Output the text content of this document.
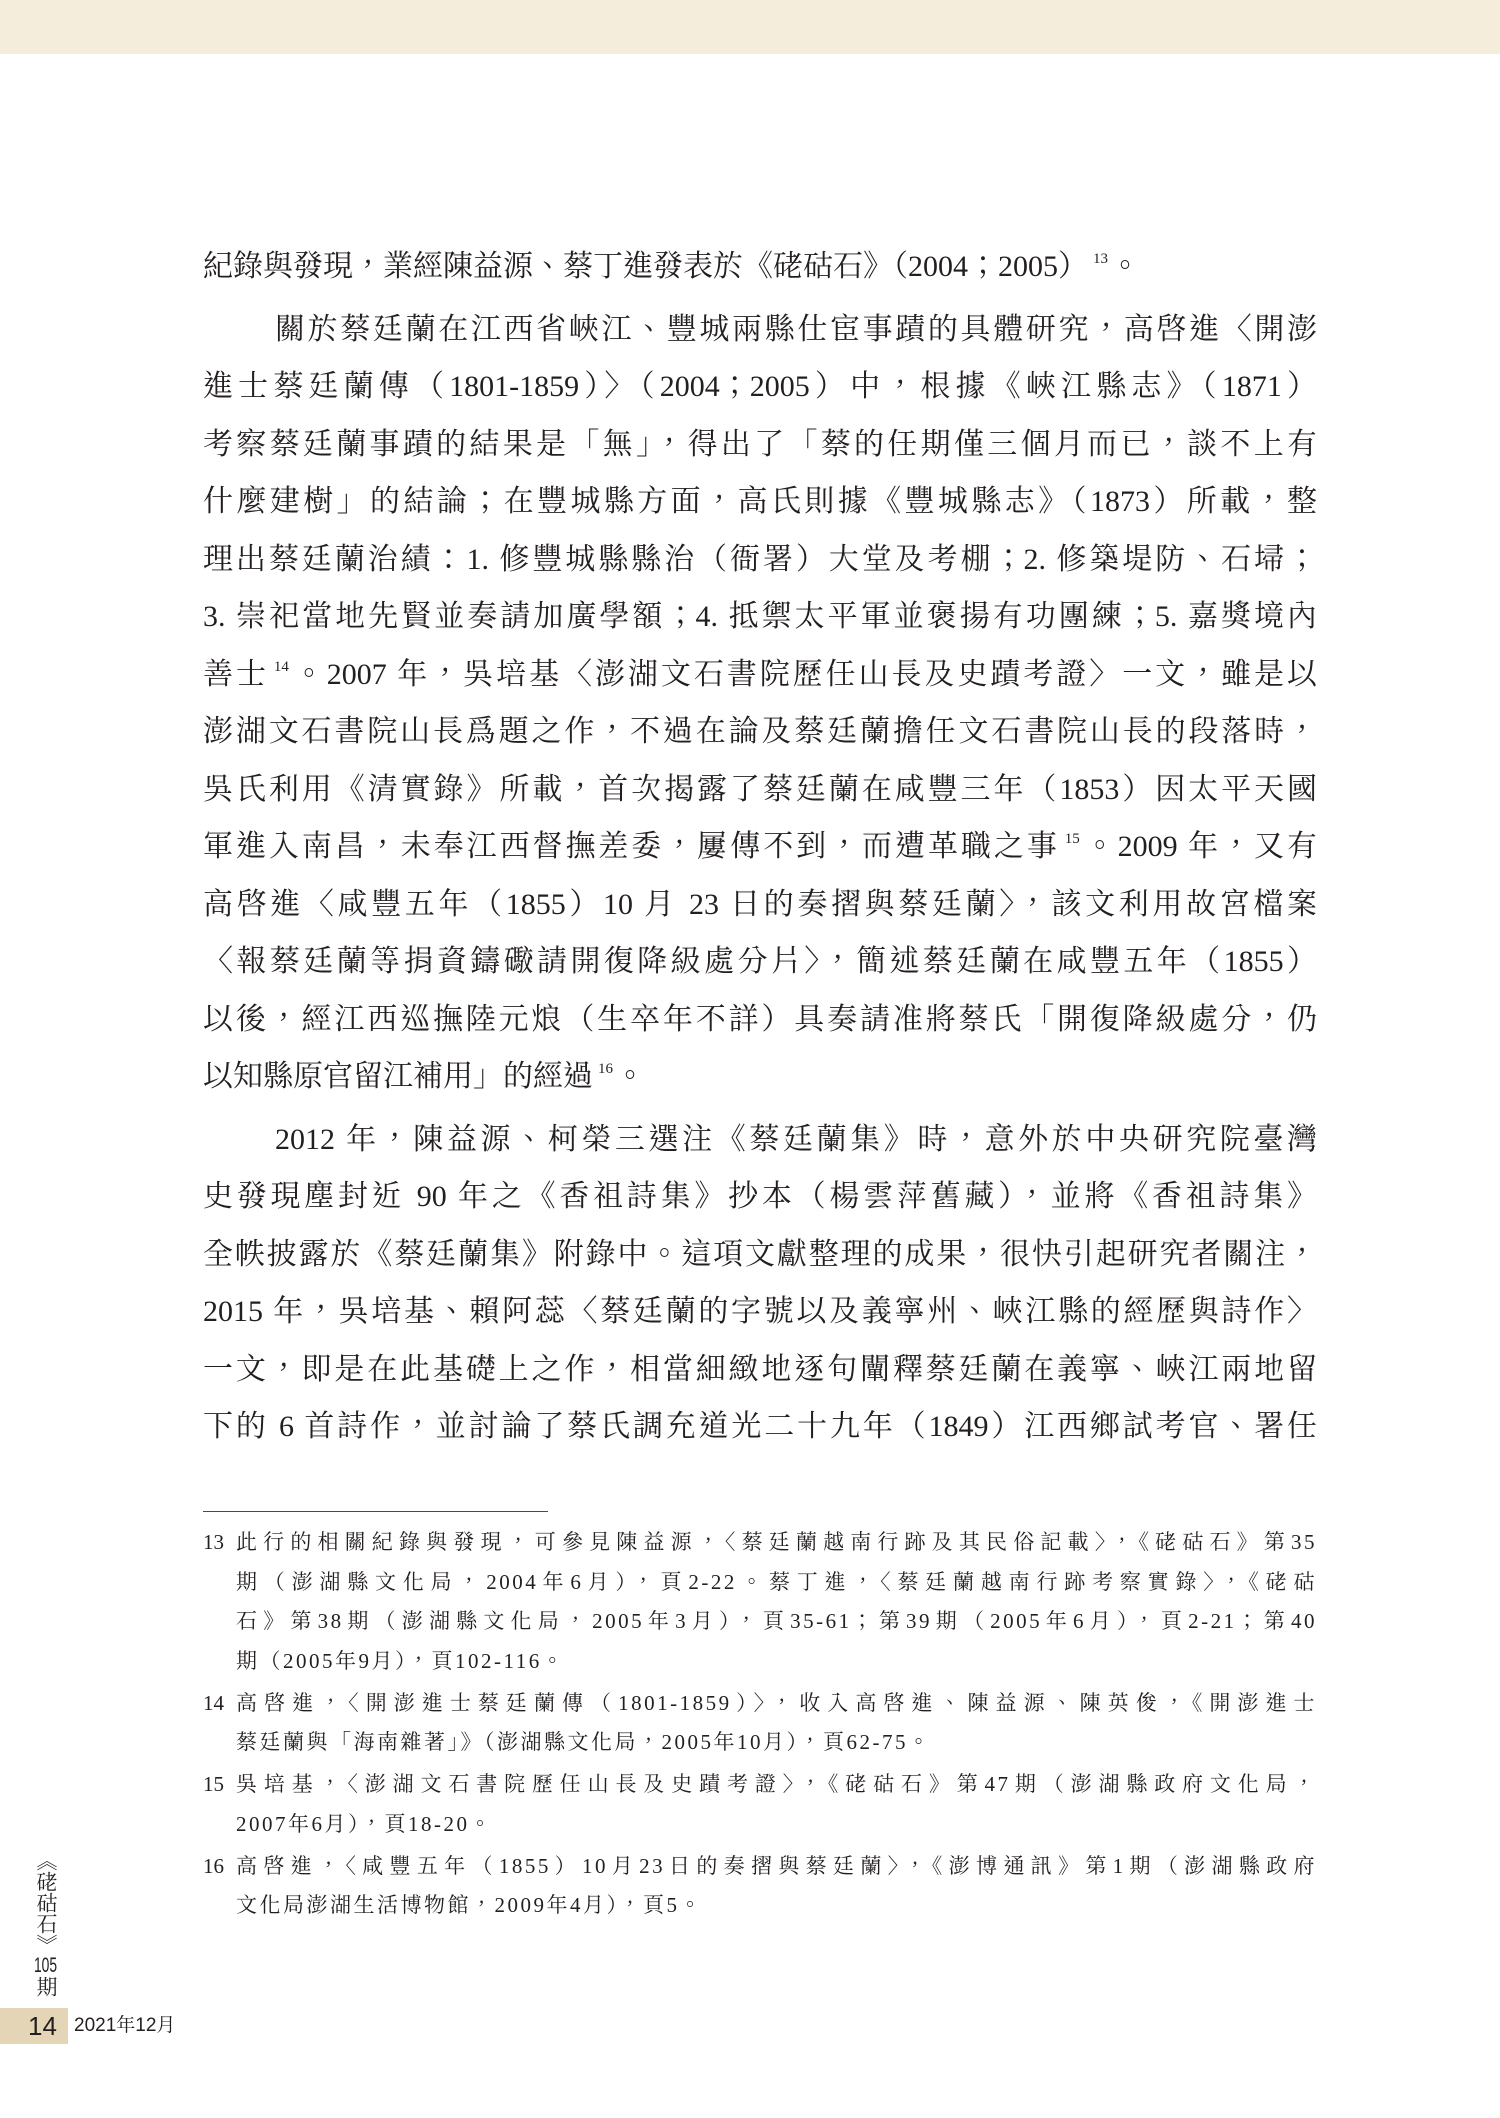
紀錄與發現，業經陳益源、蔡丁進發表於《硓𥑮石》（2004；2005） $^{13}$。

關於蔡廷蘭在江西省峽江、豐城兩縣仕宦事蹟的具體研究，高啓進〈開澎
進士蔡廷蘭傳（1801-1859）〉（2004；2005）中，根據《峽江縣志》（1871）
考察蔡廷蘭事蹟的結果是「無」，得出了「蔡的任期僅三個月而已，談不上有
什麼建樹」的結論；在豐城縣方面，高氏則據《豐城縣志》（1873）所載，整
理出蔡廷蘭治績：1. 修豐城縣縣治（衙署）大堂及考棚；2. 修築堤防、石埽；
3. 崇祀當地先賢並奏請加廣學額；4. 抵禦太平軍並褒揚有功團練；5. 嘉獎境內
善士 $^{14}$。2007 年，吳培基〈澎湖文石書院歷任山長及史蹟考證〉一文，雖是以
澎湖文石書院山長爲題之作，不過在論及蔡廷蘭擔任文石書院山長的段落時，
吳氏利用《清實錄》所載，首次揭露了蔡廷蘭在咸豐三年（1853）因太平天國
軍進入南昌，未奉江西督撫差委，屢傳不到，而遭革職之事 $^{15}$。2009 年，又有
高啓進〈咸豐五年（1855）10 月 23 日的奏摺與蔡廷蘭〉，該文利用故宮檔案
〈報蔡廷蘭等捐資鑄礮請開復降級處分片〉，簡述蔡廷蘭在咸豐五年（1855）
以後，經江西巡撫陸元烺（生卒年不詳）具奏請准將蔡氏「開復降級處分，仍
以知縣原官留江補用」的經過 $^{16}$。

2012 年，陳益源、柯榮三選注《蔡廷蘭集》時，意外於中央研究院臺灣
史發現塵封近 90 年之《香祖詩集》抄本（楊雲萍舊藏），並將《香祖詩集》
全帙披露於《蔡廷蘭集》附錄中。這項文獻整理的成果，很快引起研究者關注，
2015 年，吳培基、賴阿蕊〈蔡廷蘭的字號以及義寧州、峽江縣的經歷與詩作〉
一文，即是在此基礎上之作，相當細緻地逐句闡釋蔡廷蘭在義寧、峽江兩地留
下的 6 首詩作，並討論了蔡氏調充道光二十九年（1849）江西鄉試考官、署任

13 此行的相關紀錄與發現，可參見陳益源，〈蔡廷蘭越南行跡及其民俗記載〉，《硓𥑮石》第35
期（澎湖縣文化局，2004年6月），頁2-22。蔡丁進，〈蔡廷蘭越南行跡考察實錄〉，《硓𥑮
石》第38期（澎湖縣文化局，2005年3月），頁35-61；第39期（2005年6月），頁2-21；第40
期（2005年9月），頁102-116。
14 高啓進，〈開澎進士蔡廷蘭傳（1801-1859）〉，收入高啓進、陳益源、陳英俊，《開澎進士
蔡廷蘭與「海南雜著」》（澎湖縣文化局，2005年10月），頁62-75。
15 吳培基，〈澎湖文石書院歷任山長及史蹟考證〉，《硓𥑮石》第47期（澎湖縣政府文化局，
2007年6月），頁18-20。
16 高啓進，〈咸豐五年（1855）10月23日的奏摺與蔡廷蘭〉，《澎博通訊》第1期（澎湖縣政府
文化局澎湖生活博物館，2009年4月），頁5。
《硓𥑮石》105期
14 2021年12月
